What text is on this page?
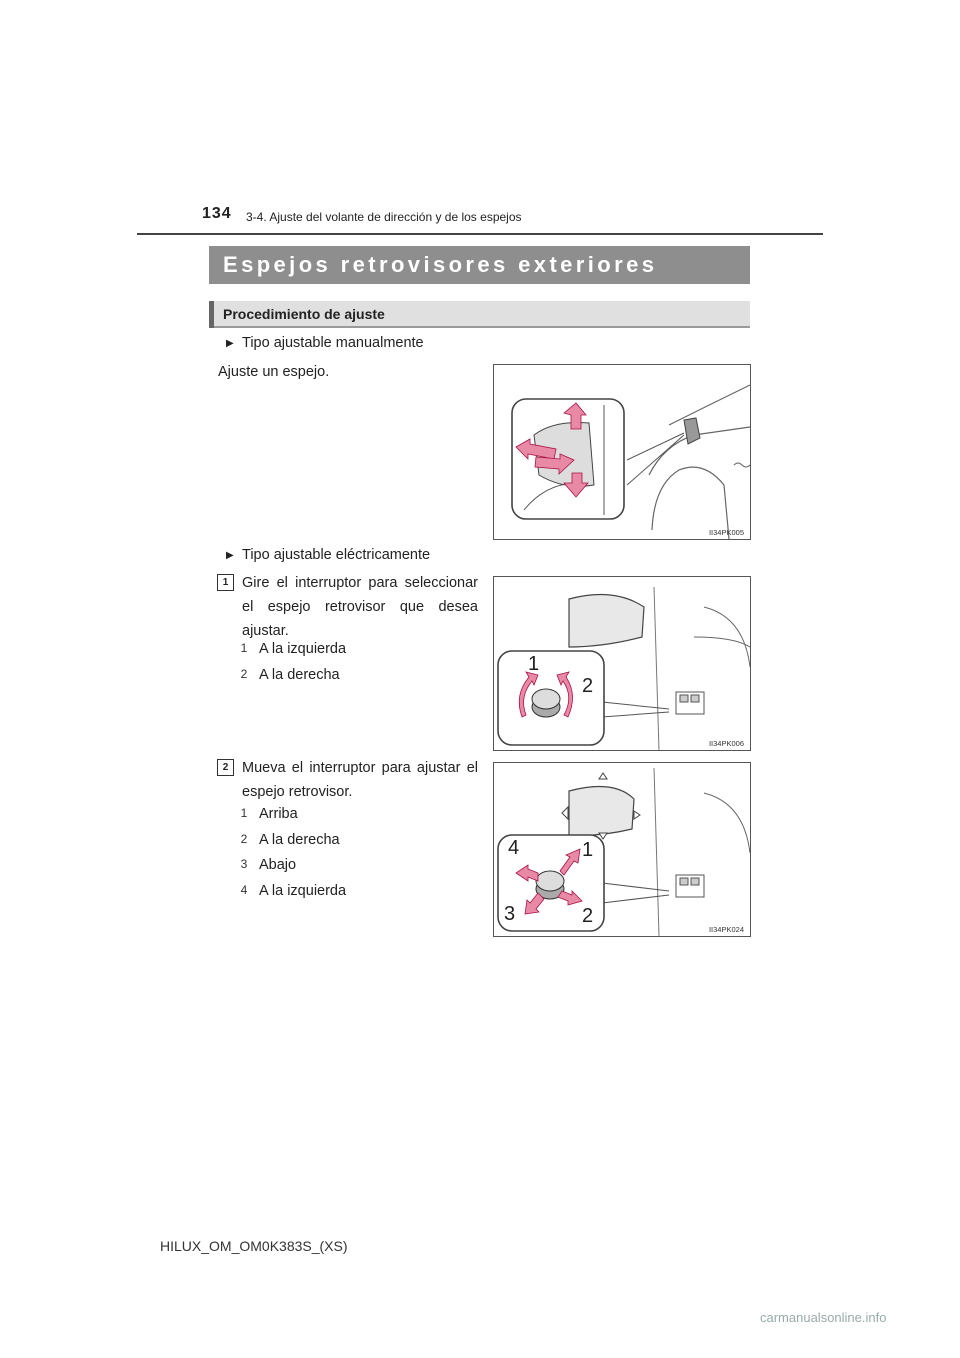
134 3-4. Ajuste del volante de dirección y de los espejos
Espejos retrovisores exteriores
Procedimiento de ajuste
▶ Tipo ajustable manualmente
Ajuste un espejo.
II34PK005
▶ Tipo ajustable eléctricamente
1 Gire el interruptor para seleccionar
el espejo retrovisor que desea
ajustar.
1 A la izquierda
2 A la derecha	1
2
II34PK006
2 Mueva el interruptor para ajustar el
espejo retrovisor.
1 Arriba
2 A la derecha
3 Abajo
4 A la izquierda
4	1
3	2
II34PK024
HILUX_OM_OM0K383S_(XS)
carmanualsonline.info
